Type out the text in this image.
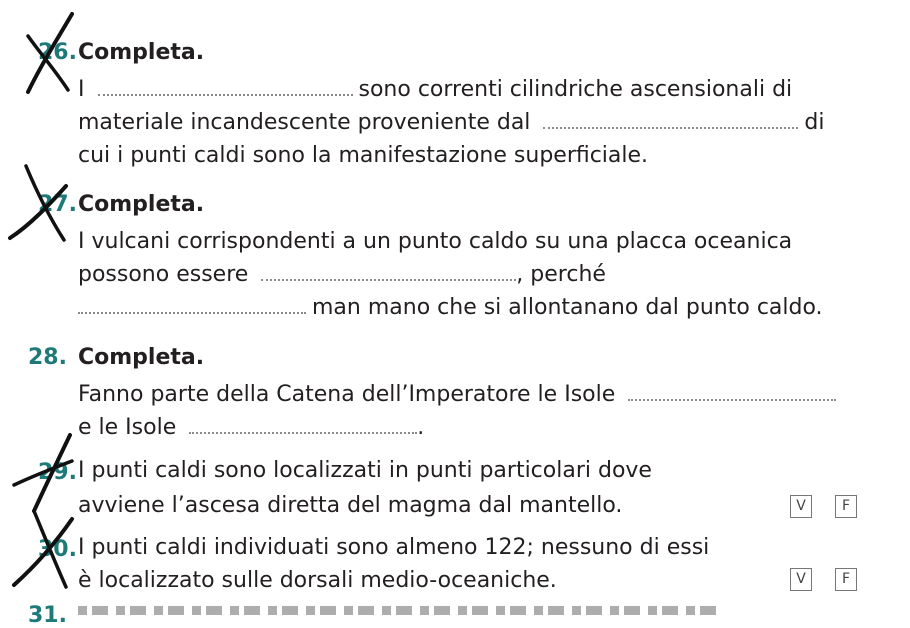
26. Completa.
I	sono correnti cilindriche ascensionali di
materiale incandescente proveniente dal	di
cui i punti caldi sono la manifestazione superficiale.
27. Completa.
I vulcani corrispondenti a un punto caldo su una placca oceanica
possono essere	, perché
man mano che si allontanano dal punto caldo.
28. Completa.
Fanno parte della Catena dell’Imperatore le Isole
e le Isole	.
29. I punti caldi sono localizzati in punti particolari dove
avviene l’ascesa diretta del magma dal mantello.	V	F
30. I punti caldi individuati sono almeno 122; nessuno di essi
è localizzato sulle dorsali medio-oceaniche.	V	F
31.
